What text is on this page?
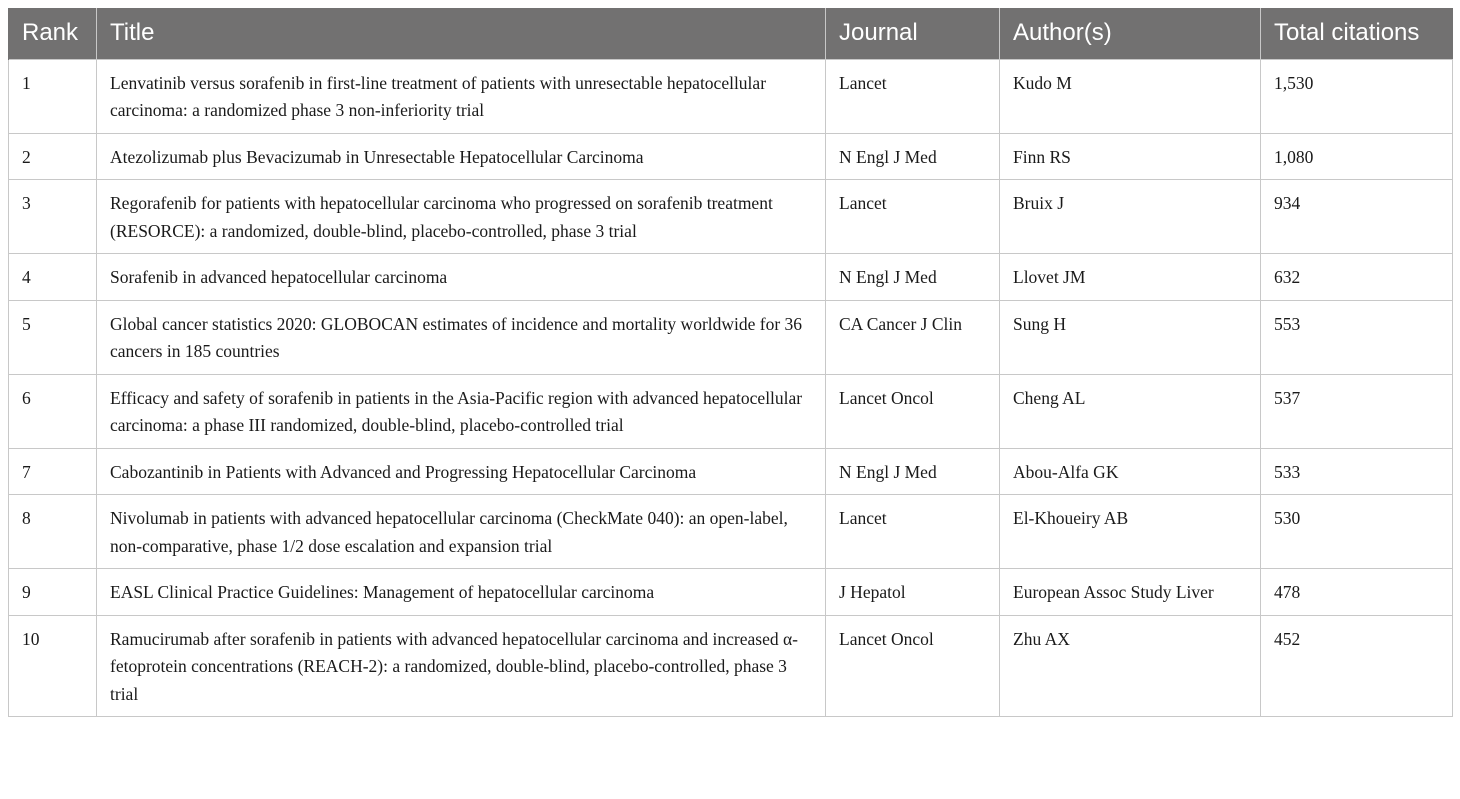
Rank	Title	Journal	Author(s)	Total citations
1	Lenvatinib versus sorafenib in first-line treatment of patients with unresectable hepatocellular carcinoma: a randomized phase 3 non-inferiority trial	Lancet	Kudo M	1,530
2	Atezolizumab plus Bevacizumab in Unresectable Hepatocellular Carcinoma	N Engl J Med	Finn RS	1,080
3	Regorafenib for patients with hepatocellular carcinoma who progressed on sorafenib treatment (RESORCE): a randomized, double-blind, placebo-controlled, phase 3 trial	Lancet	Bruix J	934
4	Sorafenib in advanced hepatocellular carcinoma	N Engl J Med	Llovet JM	632
5	Global cancer statistics 2020: GLOBOCAN estimates of incidence and mortality worldwide for 36 cancers in 185 countries	CA Cancer J Clin	Sung H	553
6	Efficacy and safety of sorafenib in patients in the Asia-Pacific region with advanced hepatocellular carcinoma: a phase III randomized, double-blind, placebo-controlled trial	Lancet Oncol	Cheng AL	537
7	Cabozantinib in Patients with Advanced and Progressing Hepatocellular Carcinoma	N Engl J Med	Abou-Alfa GK	533
8	Nivolumab in patients with advanced hepatocellular carcinoma (CheckMate 040): an open-label, non-comparative, phase 1/2 dose escalation and expansion trial	Lancet	El-Khoueiry AB	530
9	EASL Clinical Practice Guidelines: Management of hepatocellular carcinoma	J Hepatol	European Assoc Study Liver	478
10	Ramucirumab after sorafenib in patients with advanced hepatocellular carcinoma and increased α-fetoprotein concentrations (REACH-2): a randomized, double-blind, placebo-controlled, phase 3 trial	Lancet Oncol	Zhu AX	452
